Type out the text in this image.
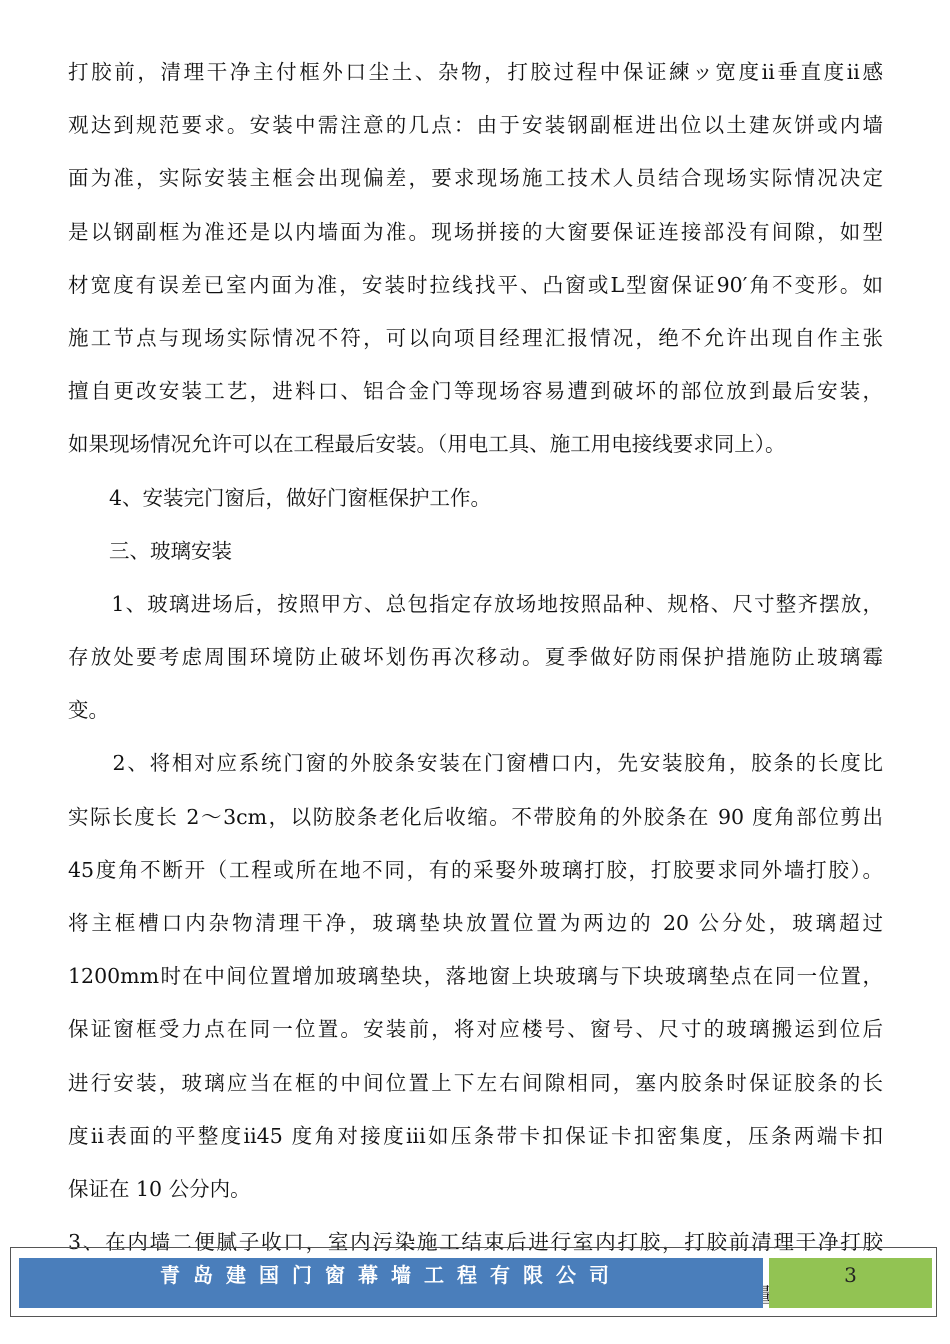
打胶前，清理干净主付框外口尘土、杂物，打胶过程中保证練ッ宽度ii垂直度ii感
观达到规范要求。安装中需注意的几点：由于安装钢副框进出位以土建灰饼或内墙
面为准，实际安装主框会出现偏差，要求现场施工技术人员结合现场实际情况决定
是以钢副框为准还是以内墙面为准。现场拼接的大窗要保证连接部没有间隙，如型
材宽度有误差已室内面为准，安装时拉线找平、凸窗或L型窗保证90′角不变形。如
施工节点与现场实际情况不符，可以向项目经理汇报情况，绝不允许出现自作主张
擅自更改安装工艺，进料口、铝合金门等现场容易遭到破坏的部位放到最后安装，
如果现场情况允许可以在工程最后安装。（用电工具、施工用电接线要求同上）。
　　4、安装完门窗后，做好门窗框保护工作。
　　三、玻璃安装
　　1、玻璃进场后，按照甲方、总包指定存放场地按照品种、规格、尺寸整齐摆放，
存放处要考虑周围环境防止破坏划伤再次移动。夏季做好防雨保护措施防止玻璃霉
变。
　　2、将相对应系统门窗的外胶条安装在门窗槽口内，先安装胶角，胶条的长度比
实际长度长 2～3cm，以防胶条老化后收缩。不带胶角的外胶条在 90 度角部位剪出
45度角不断开（工程或所在地不同，有的采娶外玻璃打胶，打胶要求同外墙打胶）。
将主框槽口内杂物清理干净，玻璃垫块放置位置为两边的 20 公分处，玻璃超过
1200mm时在中间位置增加玻璃垫块，落地窗上块玻璃与下块玻璃垫点在同一位置，
保证窗框受力点在同一位置。安装前，将对应楼号、窗号、尺寸的玻璃搬运到位后
进行安装，玻璃应当在框的中间位置上下左右间隙相同，塞内胶条时保证胶条的长
度ii表面的平整度ii45 度角对接度iii如压条带卡扣保证卡扣密集度，压条两端卡扣
保证在 10 公分内。
3、在内墙二便腻子收口，室内污染施工结束后进行室内打胶，打胶前清理干净打胶
青岛建国门窗幕墙工程有限公司	3
